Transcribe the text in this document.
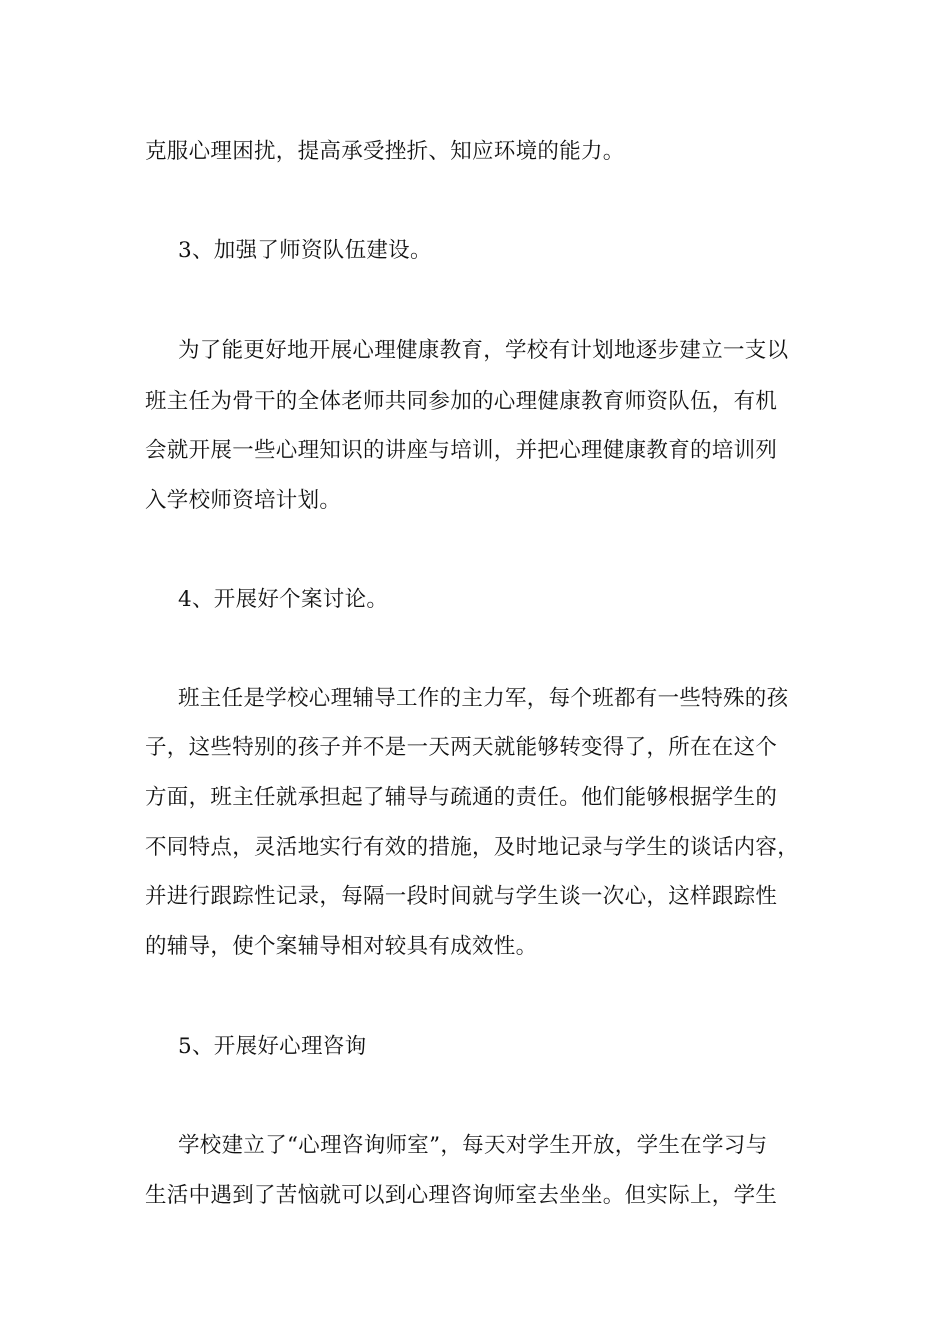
克服心理困扰，提高承受挫折、知应环境的能力。
3、加强了师资队伍建设。
为了能更好地开展心理健康教育，学校有计划地逐步建立一支以
班主任为骨干的全体老师共同参加的心理健康教育师资队伍，有机
会就开展一些心理知识的讲座与培训，并把心理健康教育的培训列
入学校师资培计划。
4、开展好个案讨论。
班主任是学校心理辅导工作的主力军，每个班都有一些特殊的孩
子，这些特别的孩子并不是一天两天就能够转变得了，所在在这个
方面，班主任就承担起了辅导与疏通的责任。他们能够根据学生的
不同特点，灵活地实行有效的措施，及时地记录与学生的谈话内容，
并进行跟踪性记录，每隔一段时间就与学生谈一次心，这样跟踪性
的辅导，使个案辅导相对较具有成效性。
5、开展好心理咨询
学校建立了“心理咨询师室”，每天对学生开放，学生在学习与
生活中遇到了苦恼就可以到心理咨询师室去坐坐。但实际上，学生
